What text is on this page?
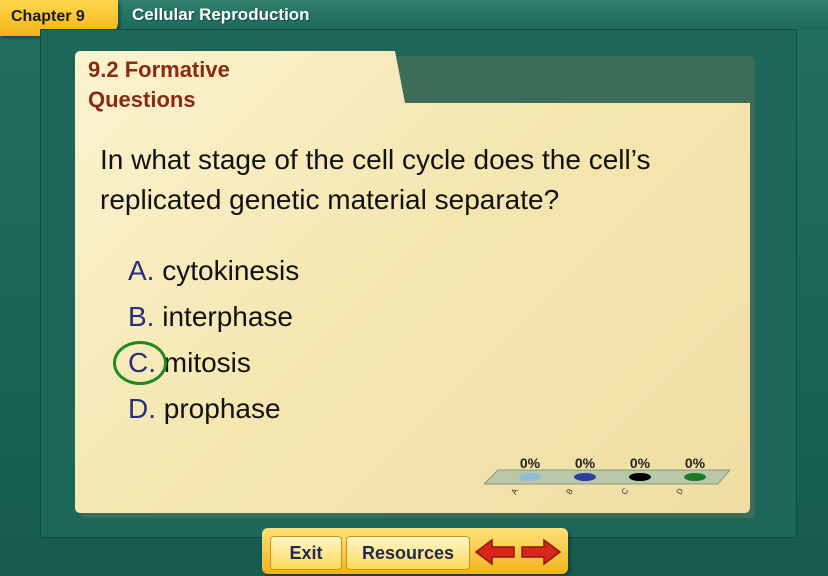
Chapter 9	Cellular Reproduction
9.2 Formative Questions
In what stage of the cell cycle does the cell’s replicated genetic material separate?
A. cytokinesis
B. interphase
C. mitosis
D. prophase
0%	0%	0%	0%
A	B	C	D
Exit	Resources
